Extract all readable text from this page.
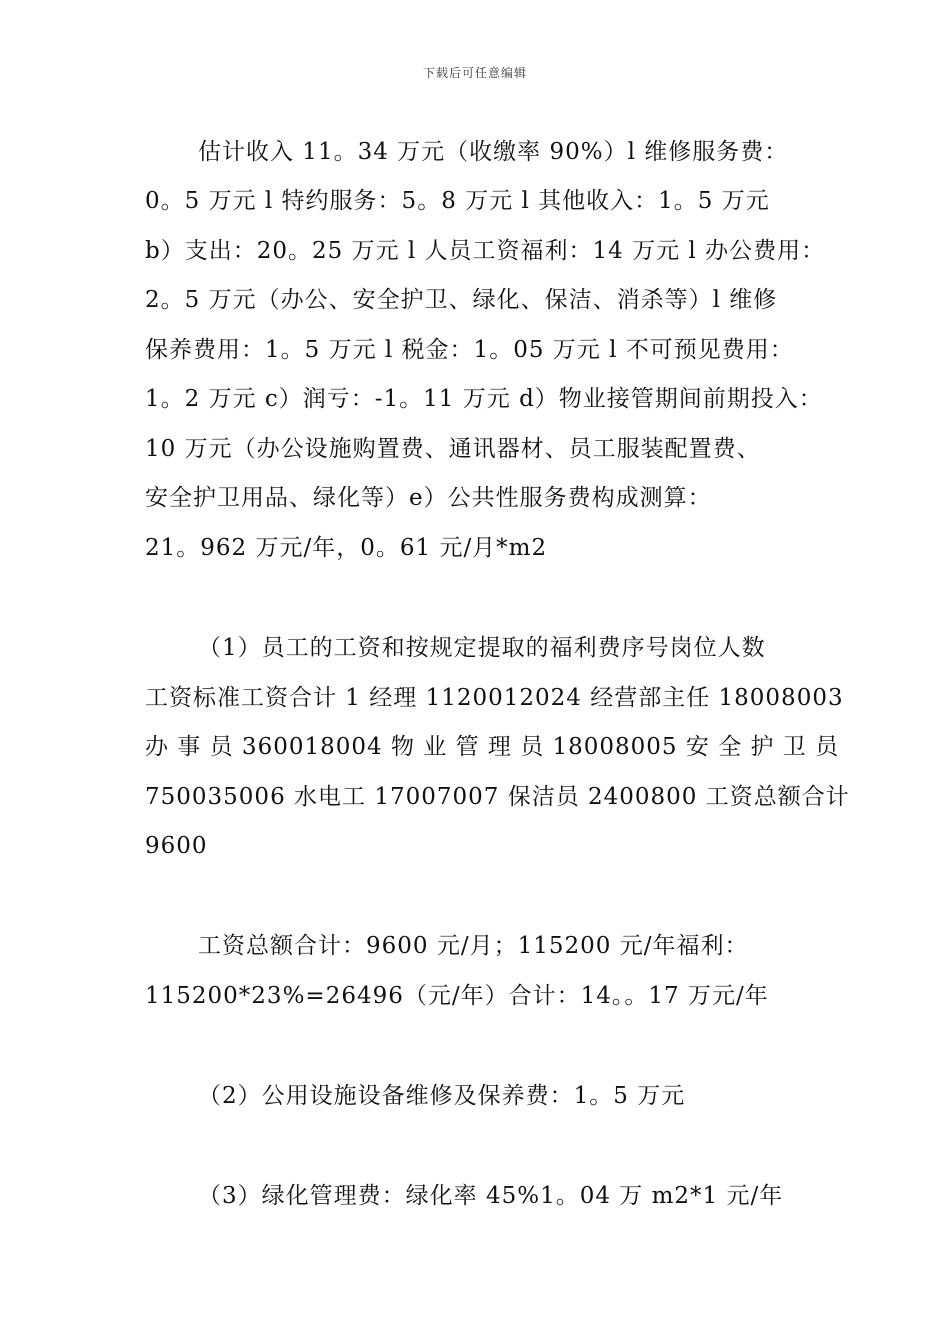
下载后可任意编辑
估计收入 11。34 万元（收缴率 90%）l 维修服务费：
0。5 万元 l 特约服务：5。8 万元 l 其他收入：1。5 万元
b）支出：20。25 万元 l 人员工资福利：14 万元 l 办公费用：
2。5 万元（办公、安全护卫、绿化、保洁、消杀等）l 维修
保养费用：1。5 万元 l 税金：1。05 万元 l 不可预见费用：
1。2 万元 c）润亏：-1。11 万元 d）物业接管期间前期投入：
10 万元（办公设施购置费、通讯器材、员工服装配置费、
安全护卫用品、绿化等）e）公共性服务费构成测算：
21。962 万元/年，0。61 元/月*m2
（1）员工的工资和按规定提取的福利费序号岗位人数
工资标准工资合计 1 经理 1120012024 经营部主任 18008003
办 事 员 360018004 物 业 管 理 员 18008005 安 全 护 卫 员
750035006 水电工 17007007 保洁员 2400800 工资总额合计
9600
工资总额合计：9600 元/月；115200 元/年福利：
115200*23%=26496（元/年）合计：14。。17 万元/年
（2）公用设施设备维修及保养费：1。5 万元
（3）绿化管理费：绿化率 45%1。04 万 m2*1 元/年
